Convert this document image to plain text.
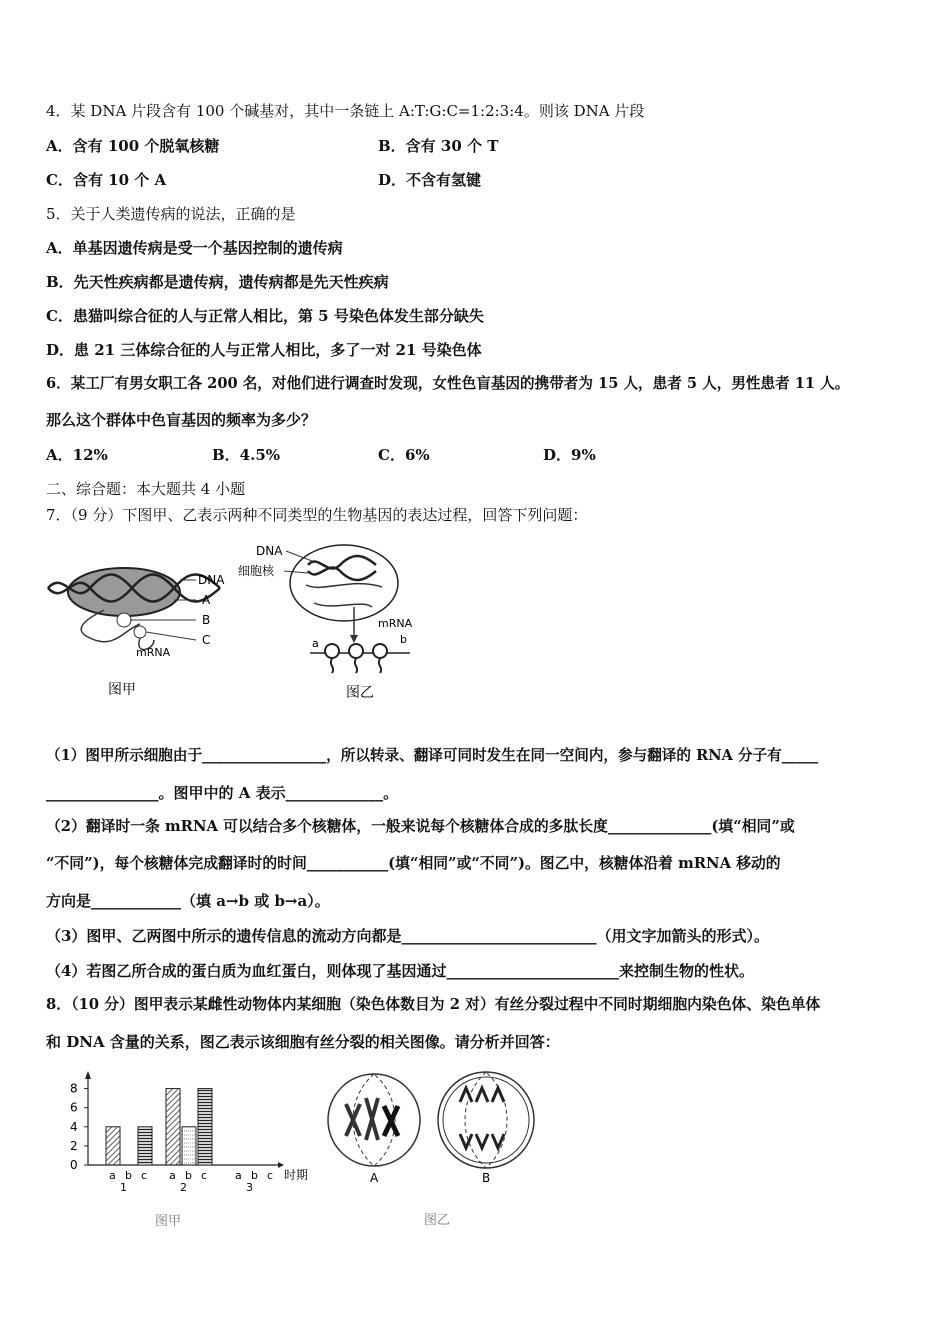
4．某 DNA 片段含有 100 个碱基对，其中一条链上 A:T:G:C=1:2:3:4。则该 DNA 片段
A．含有 100 个脱氧核糖	B．含有 30 个 T
C．含有 10 个 A	D．不含有氢键
5．关于人类遗传病的说法，正确的是
A．单基因遗传病是受一个基因控制的遗传病
B．先天性疾病都是遗传病，遗传病都是先天性疾病
C．患猫叫综合征的人与正常人相比，第 5 号染色体发生部分缺失
D．患 21 三体综合征的人与正常人相比，多了一对 21 号染色体
6．某工厂有男女职工各 200 名，对他们进行调查时发现，女性色盲基因的携带者为 15 人，患者 5 人，男性患者 11 人。
那么这个群体中色盲基因的频率为多少？
A．12%	B．4.5%	C．6%	D．9%
二、综合题：本大题共 4 小题
7．（9 分）下图甲、乙表示两种不同类型的生物基因的表达过程，回答下列问题：
DNA
A
B
C
mRNA
图甲
DNA
细胞核
mRNA
a	b
图乙
（1）图甲所示细胞由于_________________，所以转录、翻译可同时发生在同一空间内，参与翻译的 RNA 分子有_____
_______________。图甲中的 A 表示_____________。
（2）翻译时一条 mRNA 可以结合多个核糖体，一般来说每个核糖体合成的多肽长度______________(填“相同”或
“不同”)，每个核糖体完成翻译时的时间___________(填“相同”或“不同”)。图乙中，核糖体沿着 mRNA 移动的
方向是____________（填 a→b 或 b→a）。
（3）图甲、乙两图中所示的遗传信息的流动方向都是__________________________（用文字加箭头的形式）。
（4）若图乙所合成的蛋白质为血红蛋白，则体现了基因通过_______________________来控制生物的性状。
8．（10 分）图甲表示某雌性动物体内某细胞（染色体数目为 2 对）有丝分裂过程中不同时期细胞内染色体、染色单体
和 DNA 含量的关系，图乙表示该细胞有丝分裂的相关图像。请分析并回答：
0
2
4
6
8
a b c
1
a b c
2
a b c
3
时期
图甲
A	B
图乙
